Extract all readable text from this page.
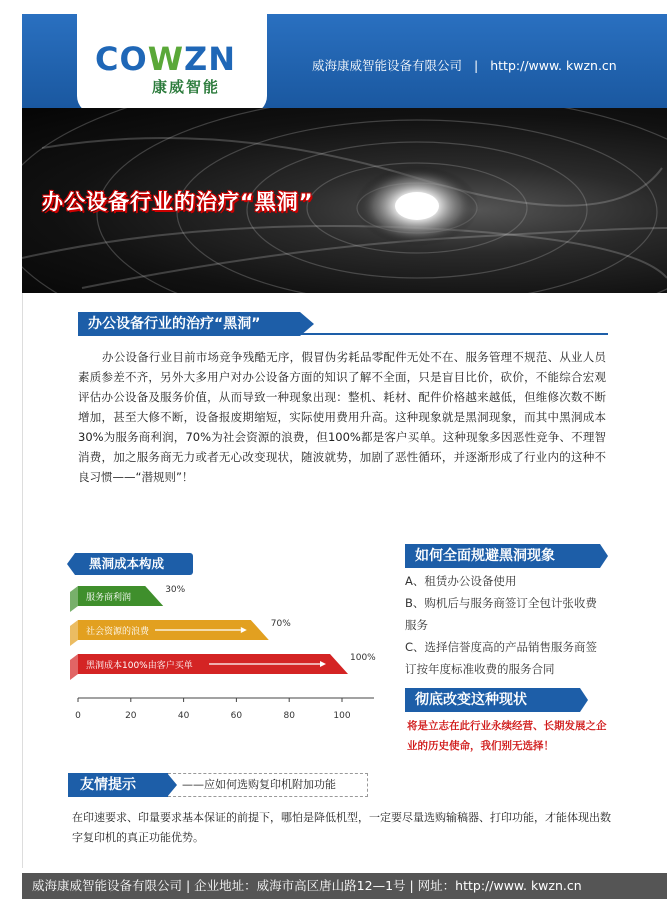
COWZN
康威智能
威海康威智能设备有限公司 | http://www. kwzn.cn
办公设备行业的治疗“黑洞”
办公设备行业的治疗“黑洞”
办公设备行业目前市场竞争残酷无序，假冒伪劣耗品零配件无处不在、服务管理不规范、从业人员素质参差不齐，另外大多用户对办公设备方面的知识了解不全面，只是盲目比价，砍价，不能综合宏观评估办公设备及服务价值，从而导致一种现象出现：整机、耗材、配件价格越来越低，但维修次数不断增加，甚至大修不断，设备报废期缩短，实际使用费用升高。这种现象就是黑洞现象，而其中黑洞成本30%为服务商利润，70%为社会资源的浪费，但100%都是客户买单。这种现象多因恶性竞争、不理智消费，加之服务商无力或者无心改变现状，随波就势，加剧了恶性循环，并逐渐形成了行业内的这种不良习惯——“潜规则”！
黑洞成本构成
服务商利润
30%
社会资源的浪费
70%
黑洞成本100%由客户买单
100%
0	20	40	60	80	100
如何全面规避黑洞现象
A、租赁办公设备使用
B、购机后与服务商签订全包计张收费服务
C、选择信誉度高的产品销售服务商签订按年度标准收费的服务合同
彻底改变这种现状
将是立志在此行业永续经营、长期发展之企业的历史使命，我们别无选择！
友情提示	——应如何选购复印机附加功能
在印速要求、印量要求基本保证的前提下，哪怕是降低机型，一定要尽量选购输稿器、打印功能，才能体现出数字复印机的真正功能优势。
威海康威智能设备有限公司 | 企业地址：威海市高区唐山路12—1号 | 网址：http://www. kwzn.cn
